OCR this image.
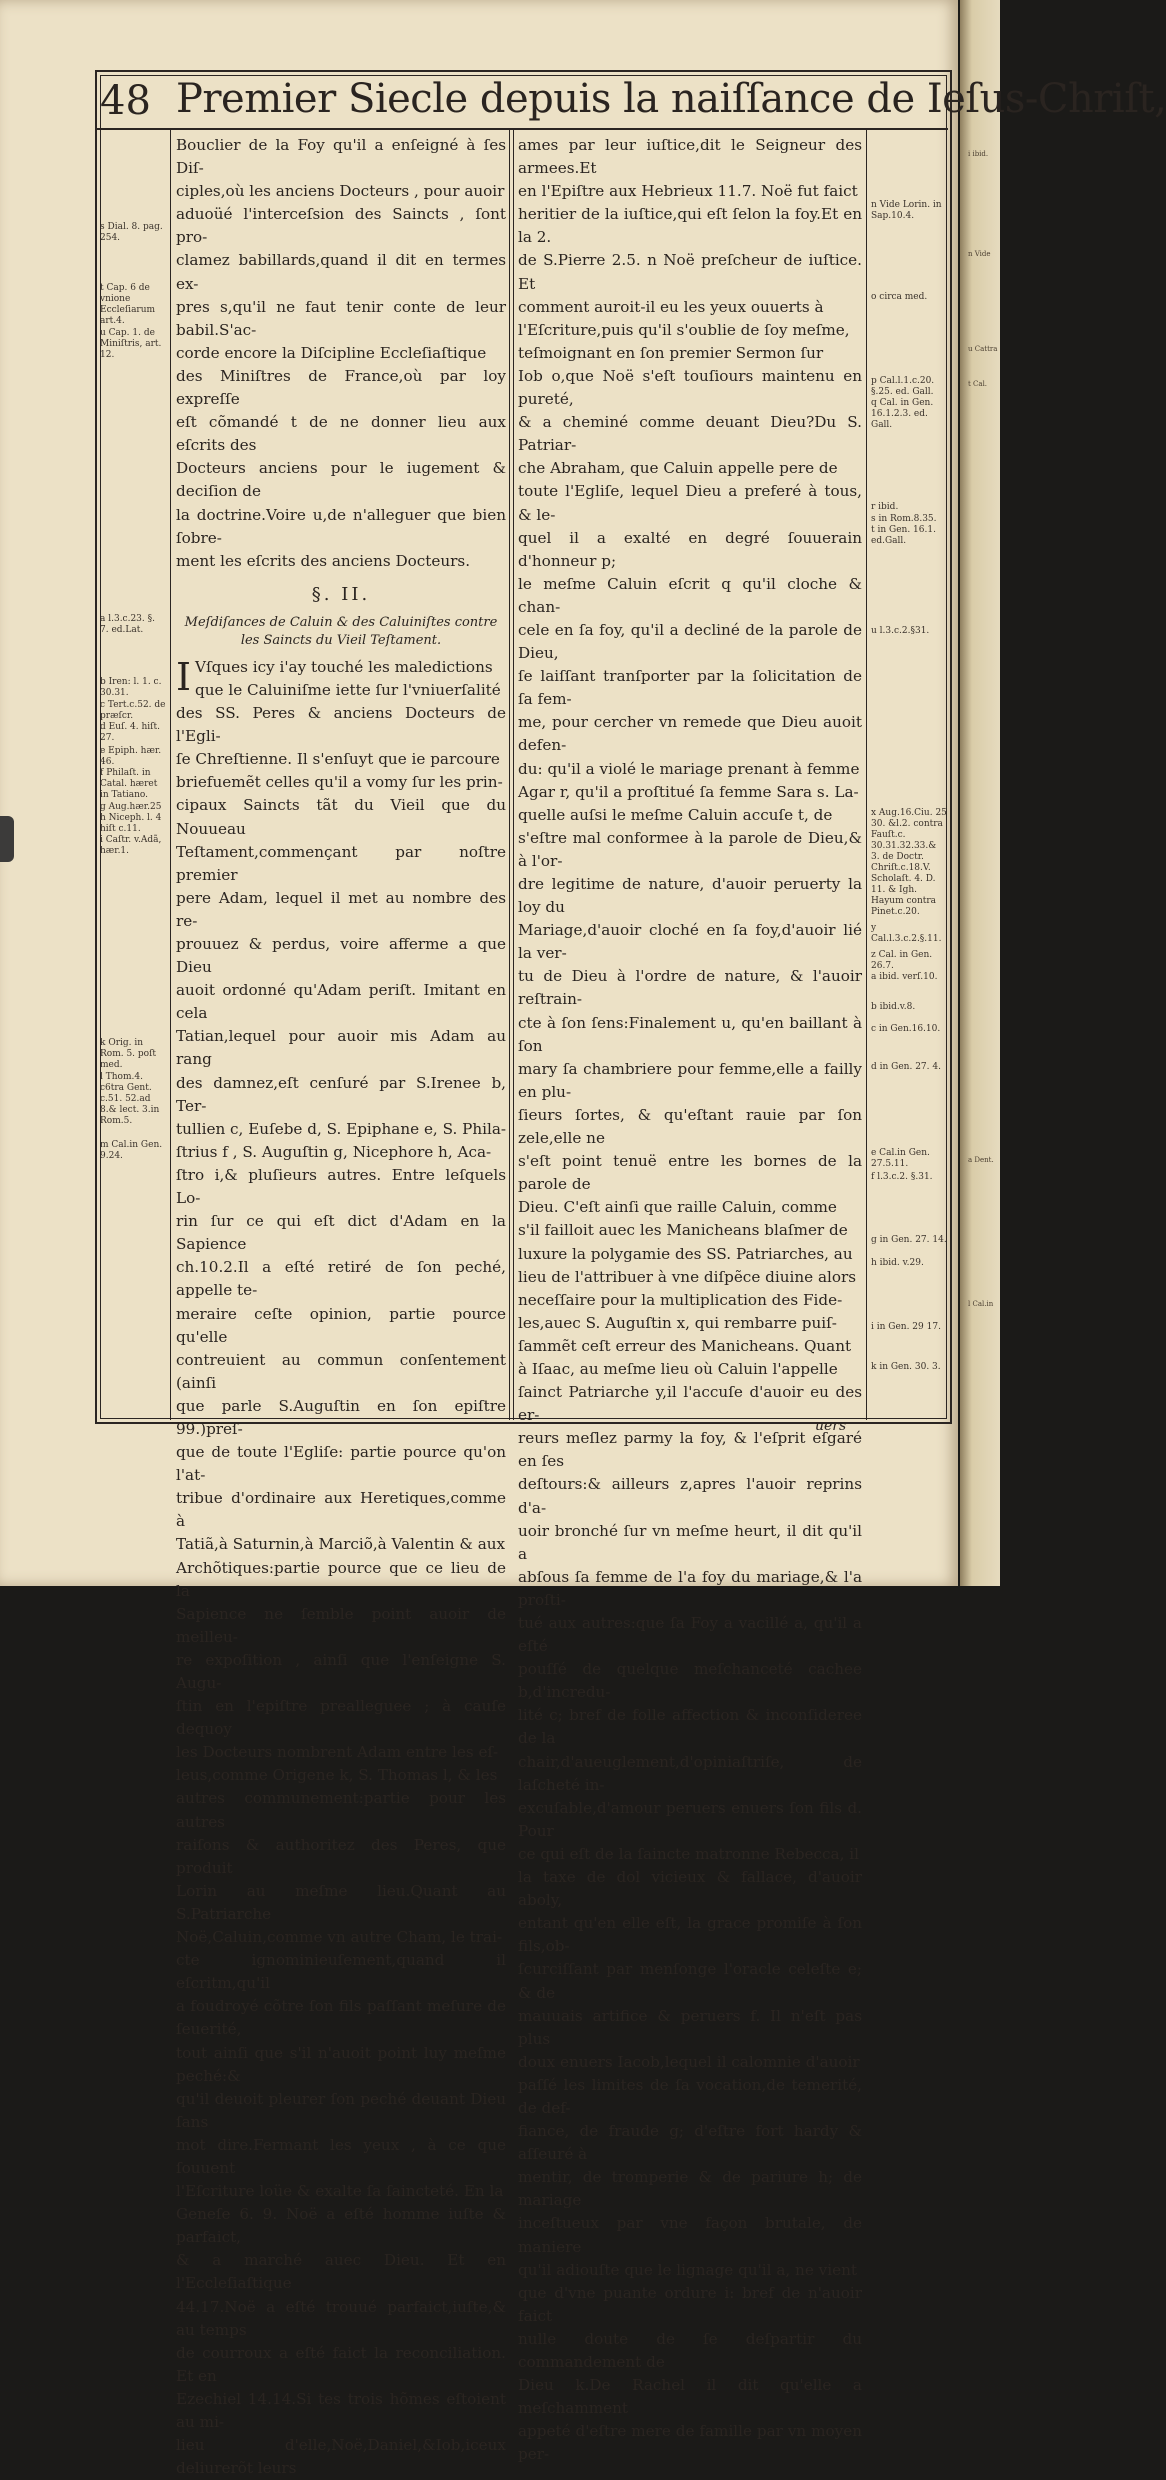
i ibid.
n Vide
u Cattra
t Cal.
a Dent.
l Cal.in
48 Premier Siecle depuis la naiſſance de Ieſus-Chriſt,
s Dial. 8. pag. 254.
t Cap. 6 de vnione Eccleſiarum art.4.
u Cap. 1. de Miniſtris, art. 12.
a l.3.c.23. §. 7. ed.Lat.
b Iren: l. 1. c. 30.31.
c Tert.c.52. de præſcr.
d Euſ. 4. hiſt. 27.
e Epiph. hær. 46.
f Philaſt. in Catal. hæret in Tatiano.
g Aug.hær.25
h Niceph. l. 4 hiſt c.11.
i Caſtr. v.Adã, hær.1.
k Orig. in Rom. 5. poſt med.
l Thom.4. c6tra Gent. c.51. 52.ad 8.& lect. 3.in Rom.5.
m Cal.in Gen. 9.24.

Bouclier de la Foy qu'il a enſeigné à ſes Diſ-

ciples,où les anciens Docteurs , pour auoir

aduoüé l'interceſsion des Saincts , ſont pro-

clamez babillards,quand il dit en termes ex-

pres s,qu'il ne faut tenir conte de leur babil.S'ac-

corde encore la Diſcipline Eccleſiaſtique

des Miniſtres de France,où par loy expreſſe

eſt cõmandé t de ne donner lieu aux eſcrits des

Docteurs anciens pour le iugement & deciſion de

la doctrine.Voire u,de n'alleguer que bien ſobre-

ment les eſcrits des anciens Docteurs.

§. II.
Meſdiſances de Caluin & des Caluiniſtes contre les Saincts du Vieil Teſtament.
I Vſques icy i'ay touché les maledictions

que le Caluiniſme iette ſur l'vniuerſalité

des SS. Peres & anciens Docteurs de l'Egli-

ſe Chreſtienne. Il s'enſuyt que ie parcoure

briefuemẽt celles qu'il a vomy ſur les prin-

cipaux Saincts tãt du Vieil que du Nouueau

Teſtament,commençant par noſtre premier

pere Adam, lequel il met au nombre des re-

prouuez & perdus, voire afferme a que Dieu

auoit ordonné qu'Adam periſt. Imitant en cela

Tatian,lequel pour auoir mis Adam au rang

des damnez,eſt cenſuré par S.Irenee b, Ter-

tullien c, Euſebe d, S. Epiphane e, S. Phila-

ſtrius f , S. Auguſtin g, Nicephore h, Aca-

ſtro i,& pluſieurs autres. Entre leſquels Lo-

rin ſur ce qui eſt dict d'Adam en la Sapience

ch.10.2.Il a eſté retiré de ſon peché, appelle te-

meraire ceſte opinion, partie pource qu'elle

contreuient au commun conſentement (ainſi

que parle S.Auguſtin en ſon epiſtre 99.)preſ-

que de toute l'Egliſe: partie pource qu'on l'at-

tribue d'ordinaire aux Heretiques,comme à

Tatiã,à Saturnin,à Marciõ,à Valentin & aux

Archõtiques:partie pource que ce lieu de la

Sapience ne ſemble point auoir de meilleu-

re expoſition , ainſi que l'enſeigne S. Augu-

ſtin en l'epiſtre prealleguee ; à cauſe dequoy

les Docteurs nombrent Adam entre les eſ-

leus,comme Origene k, S. Thomas l, & les

autres communement:partie pour les autres

raiſons & authoritez des Peres, que produit

Lorin au meſme lieu.Quant au S.Patriarche

Noë,Caluin,comme vn autre Cham, le trai-

cte ignominieuſement,quand il eſcritm,qu'il

a foudroyé cõtre ſon fils paſſant meſure de ſeuerité,

tout ainſi que s'il n'auoit point luy meſme peché:&

qu'il deuoit pleurer ſon peché deuant Dieu ſans

mot dire.Fermant les yeux , à ce que ſouuent

l'Eſcriture loüe & exalte ſa ſaincteté. En la

Geneſe 6. 9. Noë a eſté homme iuſte & parfaict,

& a marché auec Dieu. Et en l'Eccleſiaſtique

44.17.Noë a eſté trouué parfaict,iuſte,& au temps

de courroux a eſté faict la reconciliation. Et en

Ezechiel 14.14.Si tes trois hõmes eſtoient au mi-

lieu d'elle,Noë,Daniel,&Iob,iceux deliurerõt leurs

ames par leur iuſtice,dit le Seigneur des armees.Et

en l'Epiſtre aux Hebrieux 11.7. Noë fut faict

heritier de la iuſtice,qui eſt ſelon la foy.Et en la 2.

de S.Pierre 2.5. n Noë preſcheur de iuſtice. Et

comment auroit-il eu les yeux ouuerts à

l'Eſcriture,puis qu'il s'oublie de ſoy meſme,

teſmoignant en ſon premier Sermon ſur

Iob o,que Noë s'eſt touſiours maintenu en pureté,

& a cheminé comme deuant Dieu?Du S. Patriar-

che Abraham, que Caluin appelle pere de

toute l'Egliſe, lequel Dieu a preferé à tous, & le-

quel il a exalté en degré ſouuerain d'honneur p;

le meſme Caluin eſcrit q qu'il cloche & chan-

cele en ſa foy, qu'il a decliné de la parole de Dieu,

ſe laiſſant tranſporter par la ſolicitation de ſa fem-

me, pour cercher vn remede que Dieu auoit defen-

du: qu'il a violé le mariage prenant à femme

Agar r, qu'il a proſtitué ſa femme Sara s. La-

quelle auſsi le meſme Caluin accuſe t, de

s'eſtre mal conformee à la parole de Dieu,& à l'or-

dre legitime de nature, d'auoir peruerty la loy du

Mariage,d'auoir cloché en ſa foy,d'auoir lié la ver-

tu de Dieu à l'ordre de nature, & l'auoir reſtrain-

cte à ſon ſens:Finalement u, qu'en baillant à ſon

mary ſa chambriere pour femme,elle a failly en plu-

ſieurs ſortes, & qu'eſtant rauie par ſon zele,elle ne

s'eſt point tenuë entre les bornes de la parole de

Dieu. C'eſt ainſi que raille Caluin, comme

s'il failloit auec les Manicheans blaſmer de

luxure la polygamie des SS. Patriarches, au

lieu de l'attribuer à vne diſpẽce diuine alors

neceſſaire pour la multiplication des Fide-

les,auec S. Auguſtin x, qui rembarre puiſ-

ſammẽt ceſt erreur des Manicheans. Quant

à Iſaac, au meſme lieu où Caluin l'appelle

ſainct Patriarche y,il l'accuſe d'auoir eu des er-

reurs meſlez parmy la foy, & l'eſprit eſgaré en ſes

deſtours:& ailleurs z,apres l'auoir reprins d'a-

uoir bronché ſur vn meſme heurt, il dit qu'il a

abſous ſa femme de l'a foy du mariage,& l'a proſti-

tué aux autres:que ſa Foy a vacillé a, qu'il a eſté

pouſſé de quelque meſchanceté cachee b,d'incredu-

lité c; bref de folle affection & inconſideree de la

chair,d'aueuglement,d'opiniaſtriſe, de laſcheté in-

excuſable,d'amour peruers enuers ſon fils d. Pour

ce qui eſt de la ſaincte matronne Rebecca, il

la taxe de dol vicieux & fallace, d'auoir aboly,

entant qu'en elle eſt, la grace promiſe à ſon fils,ob-

ſcurciſſant par menſonge l'oracle celeſte e; & de

mauuais artifice & peruers f. Il n'eſt pas plus

doux enuers Iacob,lequel il calomnie d'auoir

paſſé les limites de ſa vocation,de temerité, de def-

fiance, de fraude g; d'eſtre fort hardy & aſſeuré à

mentir, de tromperie & de pariure h; de mariage

inceſtueux par vne façon brutale, de maniere

qu'il adiouſte que le lignage qu'il a, ne vient

que d'vne puante ordure i: bref de n'auoir faict

nulle doute de ſe deſpartir du commandement de

Dieu k.De Rachel il dit qu'elle a meſchamment

appeté d'eſtre mere de famille par vn moyen per-

n Vide Lorin. in Sap.10.4.
o circa med.
p Cal.l.1.c.20. §.25. ed. Gall.
q Cal. in Gen. 16.1.2.3. ed. Gall.
r ibid.
s in Rom.8.35.
t in Gen. 16.1. ed.Gall.
u l.3.c.2.§31.
x Aug.16.Ciu. 25 30. &l.2. contra Fauſt.c. 30.31.32.33.& 3. de Doctr. Chriſt.c.18.V. Scholaſt. 4. D. 11. & Igh. Hayum contra Pinet.c.20.
y Cal.l.3.c.2.§.11.
z Cal. in Gen. 26.7.
a ibid. verſ.10.
b ibid.v.8.
c in Gen.16.10.
d in Gen. 27. 4.
e Cal.in Gen. 27.5.11.
f l.3.c.2. §.31.
g in Gen. 27. 14.
h ibid. v.29.
i in Gen. 29 17.
k in Gen. 30. 3.
uers
